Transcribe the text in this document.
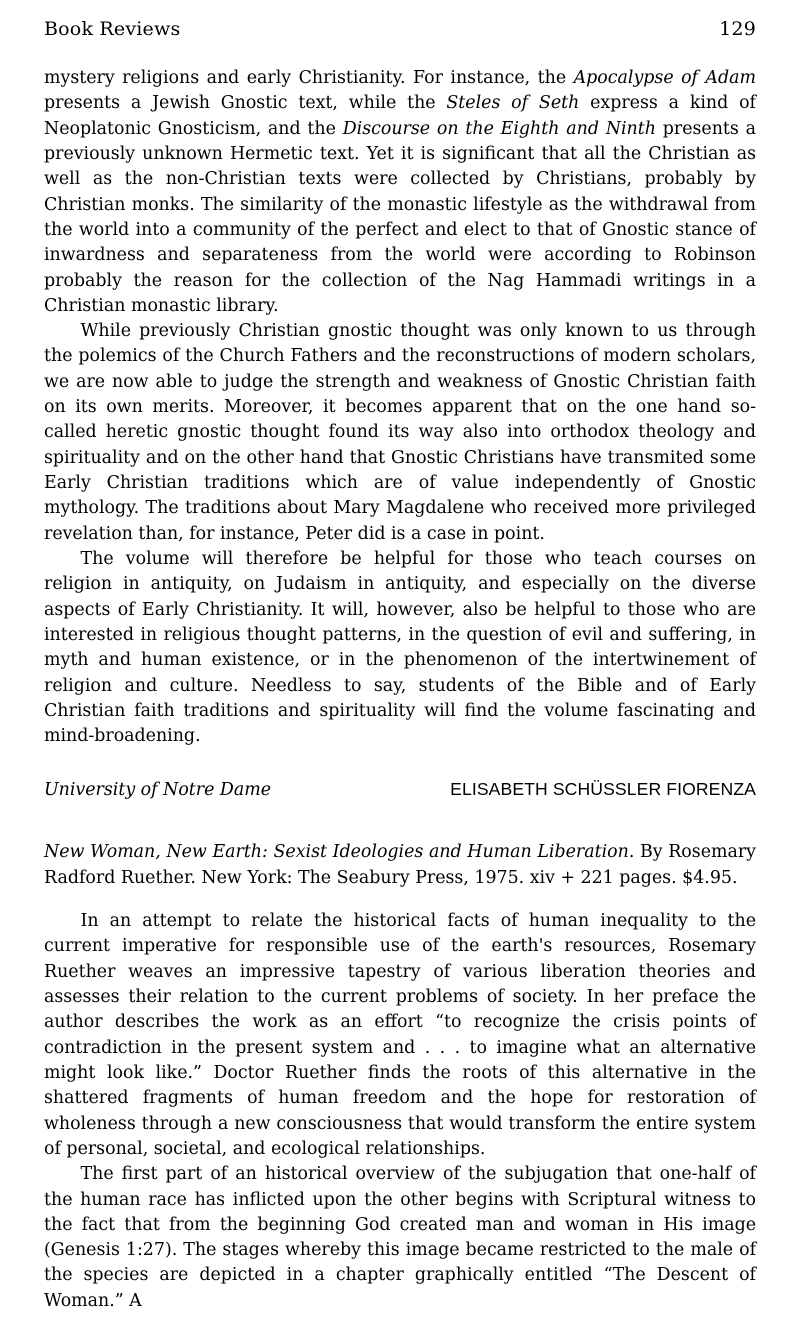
Book Reviews	129

mystery religions and early Christianity. For instance, the Apocalypse of Adam presents a Jewish Gnostic text, while the Steles of Seth express a kind of Neoplatonic Gnosticism, and the Discourse on the Eighth and Ninth presents a previously unknown Hermetic text. Yet it is significant that all the Christian as well as the non-Christian texts were collected by Christians, probably by Christian monks. The similarity of the monastic lifestyle as the withdrawal from the world into a community of the perfect and elect to that of Gnostic stance of inwardness and separateness from the world were according to Robinson probably the reason for the collection of the Nag Hammadi writings in a Christian monastic library.

While previously Christian gnostic thought was only known to us through the polemics of the Church Fathers and the reconstructions of modern scholars, we are now able to judge the strength and weakness of Gnostic Christian faith on its own merits. Moreover, it becomes apparent that on the one hand so-called heretic gnostic thought found its way also into orthodox theology and spirituality and on the other hand that Gnostic Christians have transmited some Early Christian traditions which are of value independently of Gnostic mythology. The traditions about Mary Magdalene who received more privileged revelation than, for instance, Peter did is a case in point.

The volume will therefore be helpful for those who teach courses on religion in antiquity, on Judaism in antiquity, and especially on the diverse aspects of Early Christianity. It will, however, also be helpful to those who are interested in religious thought patterns, in the question of evil and suffering, in myth and human existence, or in the phenomenon of the intertwinement of religion and culture. Needless to say, students of the Bible and of Early Christian faith traditions and spirituality will find the volume fascinating and mind-broadening.

University of Notre Dame	ELISABETH SCHÜSSLER FIORENZA
New Woman, New Earth: Sexist Ideologies and Human Liberation. By Rosemary Radford Ruether. New York: The Seabury Press, 1975. xiv + 221 pages. $4.95.

In an attempt to relate the historical facts of human inequality to the current imperative for responsible use of the earth's resources, Rosemary Ruether weaves an impressive tapestry of various liberation theories and assesses their relation to the current problems of society. In her preface the author describes the work as an effort “to recognize the crisis points of contradiction in the present system and . . . to imagine what an alternative might look like.” Doctor Ruether finds the roots of this alternative in the shattered fragments of human freedom and the hope for restoration of wholeness through a new consciousness that would transform the entire system of personal, societal, and ecological relationships.

The first part of an historical overview of the subjugation that one-half of the human race has inflicted upon the other begins with Scriptural witness to the fact that from the beginning God created man and woman in His image (Genesis 1:27). The stages whereby this image became restricted to the male of the species are depicted in a chapter graphically entitled “The Descent of Woman.” A
